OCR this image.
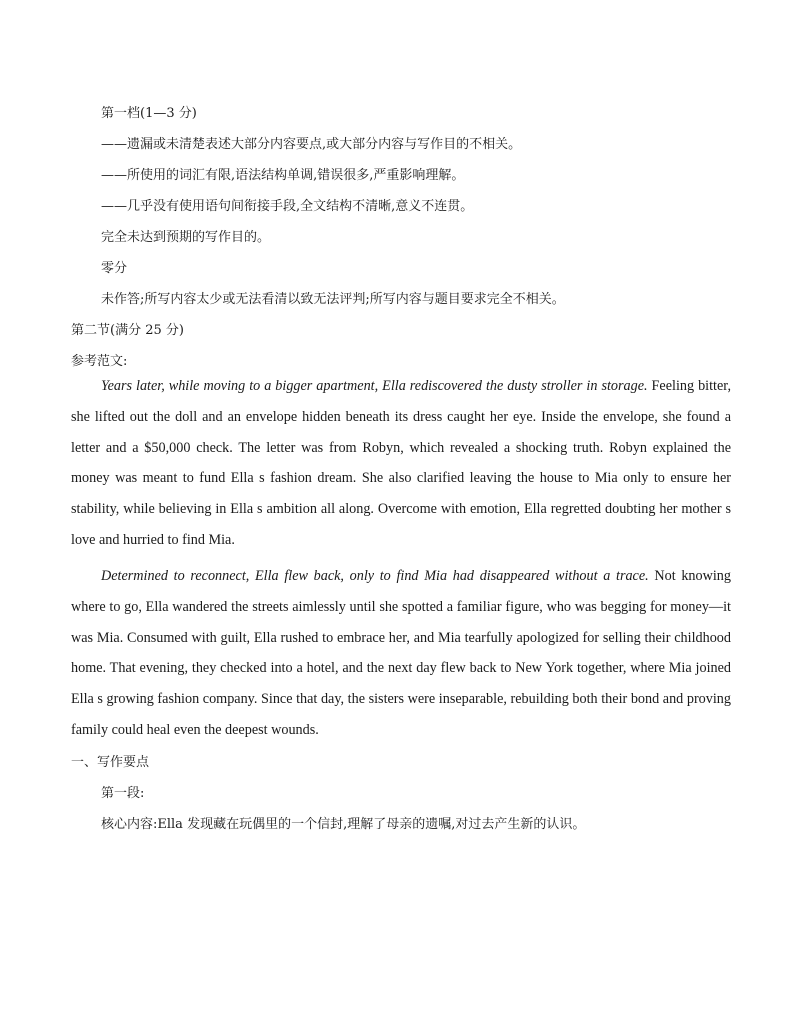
第一档(1—3 分)
——遗漏或未清楚表述大部分内容要点,或大部分内容与写作目的不相关。
——所使用的词汇有限,语法结构单调,错误很多,严重影响理解。
——几乎没有使用语句间衔接手段,全文结构不清晰,意义不连贯。
完全未达到预期的写作目的。
零分
未作答;所写内容太少或无法看清以致无法评判;所写内容与题目要求完全不相关。
第二节(满分 25 分)
参考范文:

Years later, while moving to a bigger apartment, Ella rediscovered the dusty stroller in storage. Feeling bitter, she lifted out the doll and an envelope hidden beneath its dress caught her eye. Inside the envelope, she found a letter and a $50,000 check. The letter was from Robyn, which revealed a shocking truth. Robyn explained the money was meant to fund Ella s fashion dream. She also clarified leaving the house to Mia only to ensure her stability, while believing in Ella s ambition all along. Overcome with emotion, Ella regretted doubting her mother s love and hurried to find Mia.

Determined to reconnect, Ella flew back, only to find Mia had disappeared without a trace. Not knowing where to go, Ella wandered the streets aimlessly until she spotted a familiar figure, who was begging for money—it was Mia. Consumed with guilt, Ella rushed to embrace her, and Mia tearfully apologized for selling their childhood home. That evening, they checked into a hotel, and the next day flew back to New York together, where Mia joined Ella s growing fashion company. Since that day, the sisters were inseparable, rebuilding both their bond and proving family could heal even the deepest wounds.

一、写作要点
第一段:
核心内容:Ella 发现藏在玩偶里的一个信封,理解了母亲的遗嘱,对过去产生新的认识。
